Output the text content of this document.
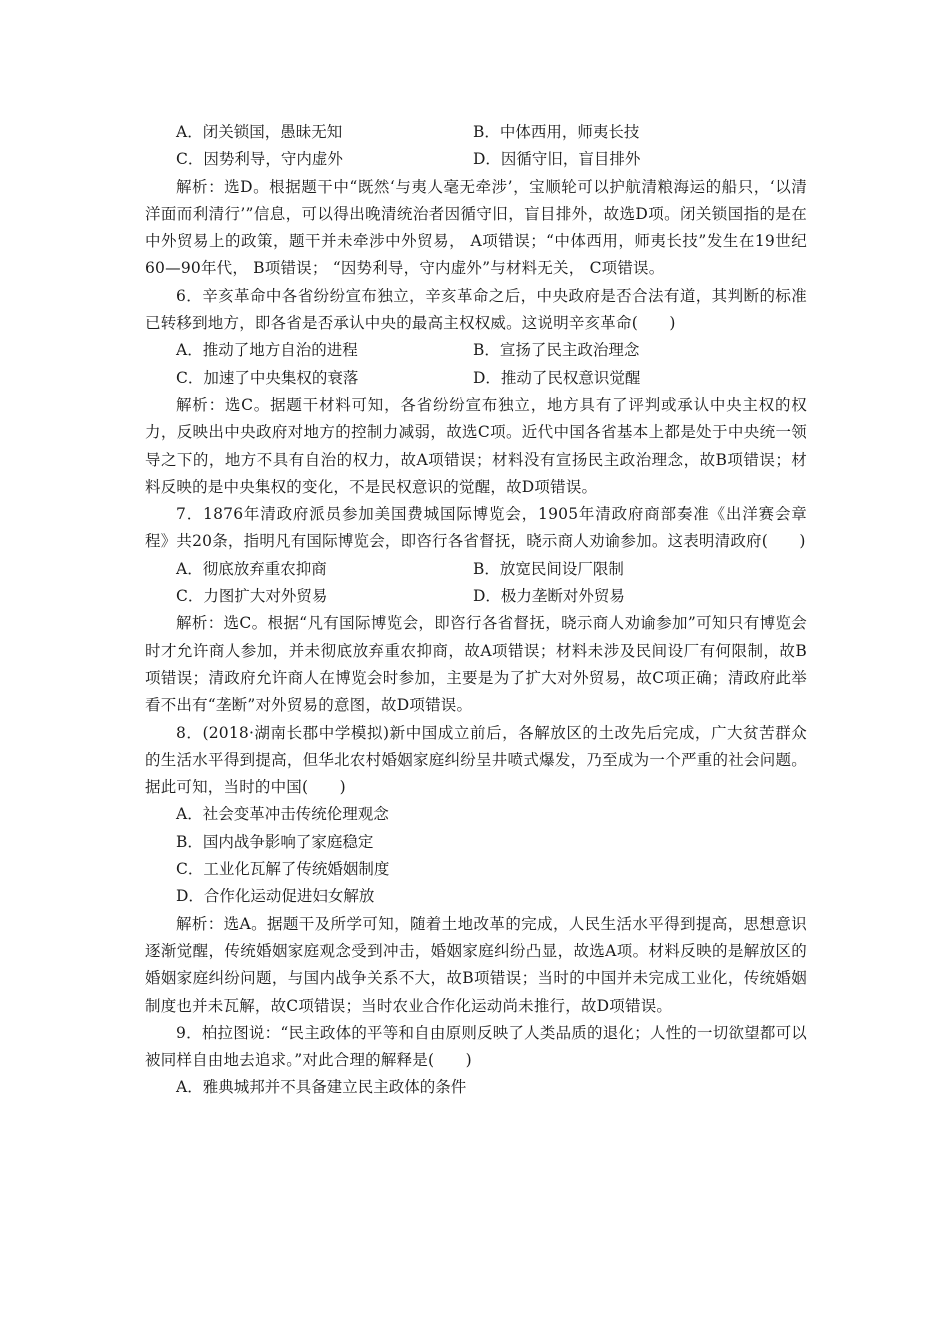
A．闭关锁国，愚昧无知	B．中体西用，师夷长技

C．因势利导，守内虚外	D．因循守旧，盲目排外

解析：选D。根据题干中“既然‘与夷人毫无牵涉’，宝顺轮可以护航清粮海运的船只，‘以清洋面而利清行’”信息，可以得出晚清统治者因循守旧，盲目排外，故选D项。闭关锁国指的是在中外贸易上的政策，题干并未牵涉中外贸易， A项错误；“中体西用，师夷长技”发生在19世纪60—90年代， B项错误； “因势利导，守内虚外”与材料无关， C项错误。

6．辛亥革命中各省纷纷宣布独立，辛亥革命之后，中央政府是否合法有道，其判断的标准已转移到地方，即各省是否承认中央的最高主权权威。这说明辛亥革命(　　)

A．推动了地方自治的进程	B．宣扬了民主政治理念

C．加速了中央集权的衰落	D．推动了民权意识觉醒

解析：选C。据题干材料可知，各省纷纷宣布独立，地方具有了评判或承认中央主权的权力，反映出中央政府对地方的控制力减弱，故选C项。近代中国各省基本上都是处于中央统一领导之下的，地方不具有自治的权力，故A项错误；材料没有宣扬民主政治理念，故B项错误；材料反映的是中央集权的变化，不是民权意识的觉醒，故D项错误。

7．1876年清政府派员参加美国费城国际博览会，1905年清政府商部奏准《出洋赛会章程》共20条，指明凡有国际博览会，即咨行各省督抚，晓示商人劝谕参加。这表明清政府(　　)

A．彻底放弃重农抑商	B．放宽民间设厂限制

C．力图扩大对外贸易	D．极力垄断对外贸易

解析：选C。根据“凡有国际博览会，即咨行各省督抚，晓示商人劝谕参加”可知只有博览会时才允许商人参加，并未彻底放弃重农抑商，故A项错误；材料未涉及民间设厂有何限制，故B项错误；清政府允许商人在博览会时参加，主要是为了扩大对外贸易，故C项正确；清政府此举看不出有“垄断”对外贸易的意图，故D项错误。

8．(2018·湖南长郡中学模拟)新中国成立前后，各解放区的土改先后完成，广大贫苦群众的生活水平得到提高，但华北农村婚姻家庭纠纷呈井喷式爆发，乃至成为一个严重的社会问题。据此可知，当时的中国(　　)

A．社会变革冲击传统伦理观念

B．国内战争影响了家庭稳定

C．工业化瓦解了传统婚姻制度

D．合作化运动促进妇女解放

解析：选A。据题干及所学可知，随着土地改革的完成，人民生活水平得到提高，思想意识逐渐觉醒，传统婚姻家庭观念受到冲击，婚姻家庭纠纷凸显，故选A项。材料反映的是解放区的婚姻家庭纠纷问题，与国内战争关系不大，故B项错误；当时的中国并未完成工业化，传统婚姻制度也并未瓦解，故C项错误；当时农业合作化运动尚未推行，故D项错误。

9．柏拉图说：“民主政体的平等和自由原则反映了人类品质的退化；人性的一切欲望都可以被同样自由地去追求。”对此合理的解释是(　　)

A．雅典城邦并不具备建立民主政体的条件
